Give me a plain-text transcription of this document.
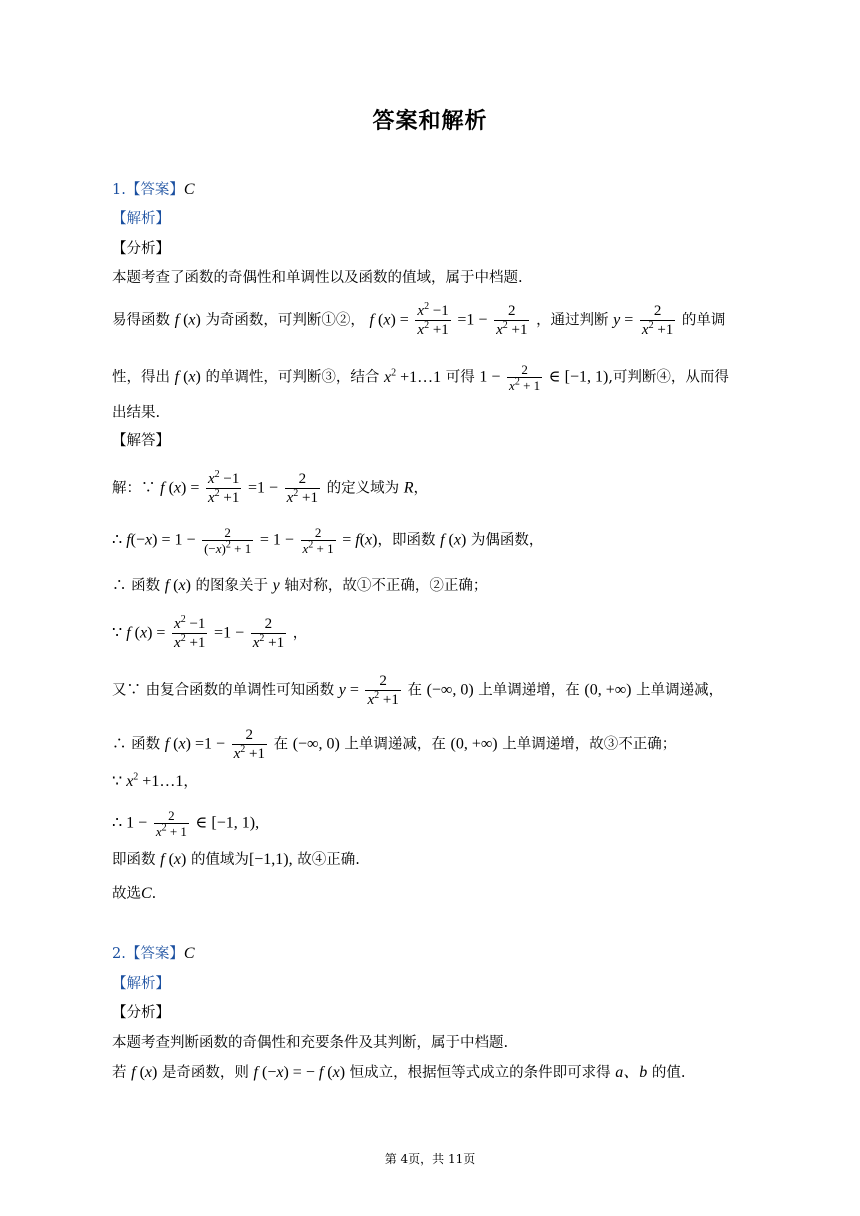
答案和解析
1.【答案】C
【解析】
【分析】
本题考查了函数的奇偶性和单调性以及函数的值域，属于中档题.
易得函数 f (x) 为奇函数，可判断①②， f $(x) = \frac{x^2 -1}{x^2 +1} =1 - \frac{2}{x^2 +1}$ ，通过判断 $y = \frac{2}{x^2 +1}$ 的单调
性，得出 f (x) 的单调性，可判断③，结合 $x^2$ +1…1 可得 $1 - \frac{2}{x^2 + 1}$ ∈ [−1, 1),可判断④，从而得
出结果.
【解答】
解：∵ f $(x) = \frac{x^2 -1}{x^2 +1} =1 - \frac{2}{x^2 +1}$ 的定义域为 R，
∴ $f(-x) = 1 - \frac{2}{(-x)^2 + 1} = 1 - \frac{2}{x^2 + 1} = f(x)$，即函数 f (x) 为偶函数，
∴ 函数 f (x) 的图象关于 y 轴对称，故①不正确，②正确；
∵ f $(x) = \frac{x^2 -1}{x^2 +1} =1 - \frac{2}{x^2 +1}$ ，
又∵ 由复合函数的单调性可知函数 $y = \frac{2}{x^2 +1}$ 在 (−∞, 0) 上单调递增，在 (0, +∞) 上单调递减，
∴ 函数 f $(x) =1 - \frac{2}{x^2 +1}$ 在 (−∞, 0) 上单调递减，在 (0, +∞) 上单调递增，故③不正确；
∵ $x^2$ +1…1，
∴ $1 - \frac{2}{x^2 + 1}$ ∈ [−1, 1),
即函数 f (x) 的值域为[−1,1), 故④正确.
故选C.
2.【答案】C
【解析】
【分析】
本题考查判断函数的奇偶性和充要条件及其判断，属于中档题.
若 f (x) 是奇函数，则 f (−x) = − f (x) 恒成立，根据恒等式成立的条件即可求得 a、b 的值.
第 4页，共 11页
